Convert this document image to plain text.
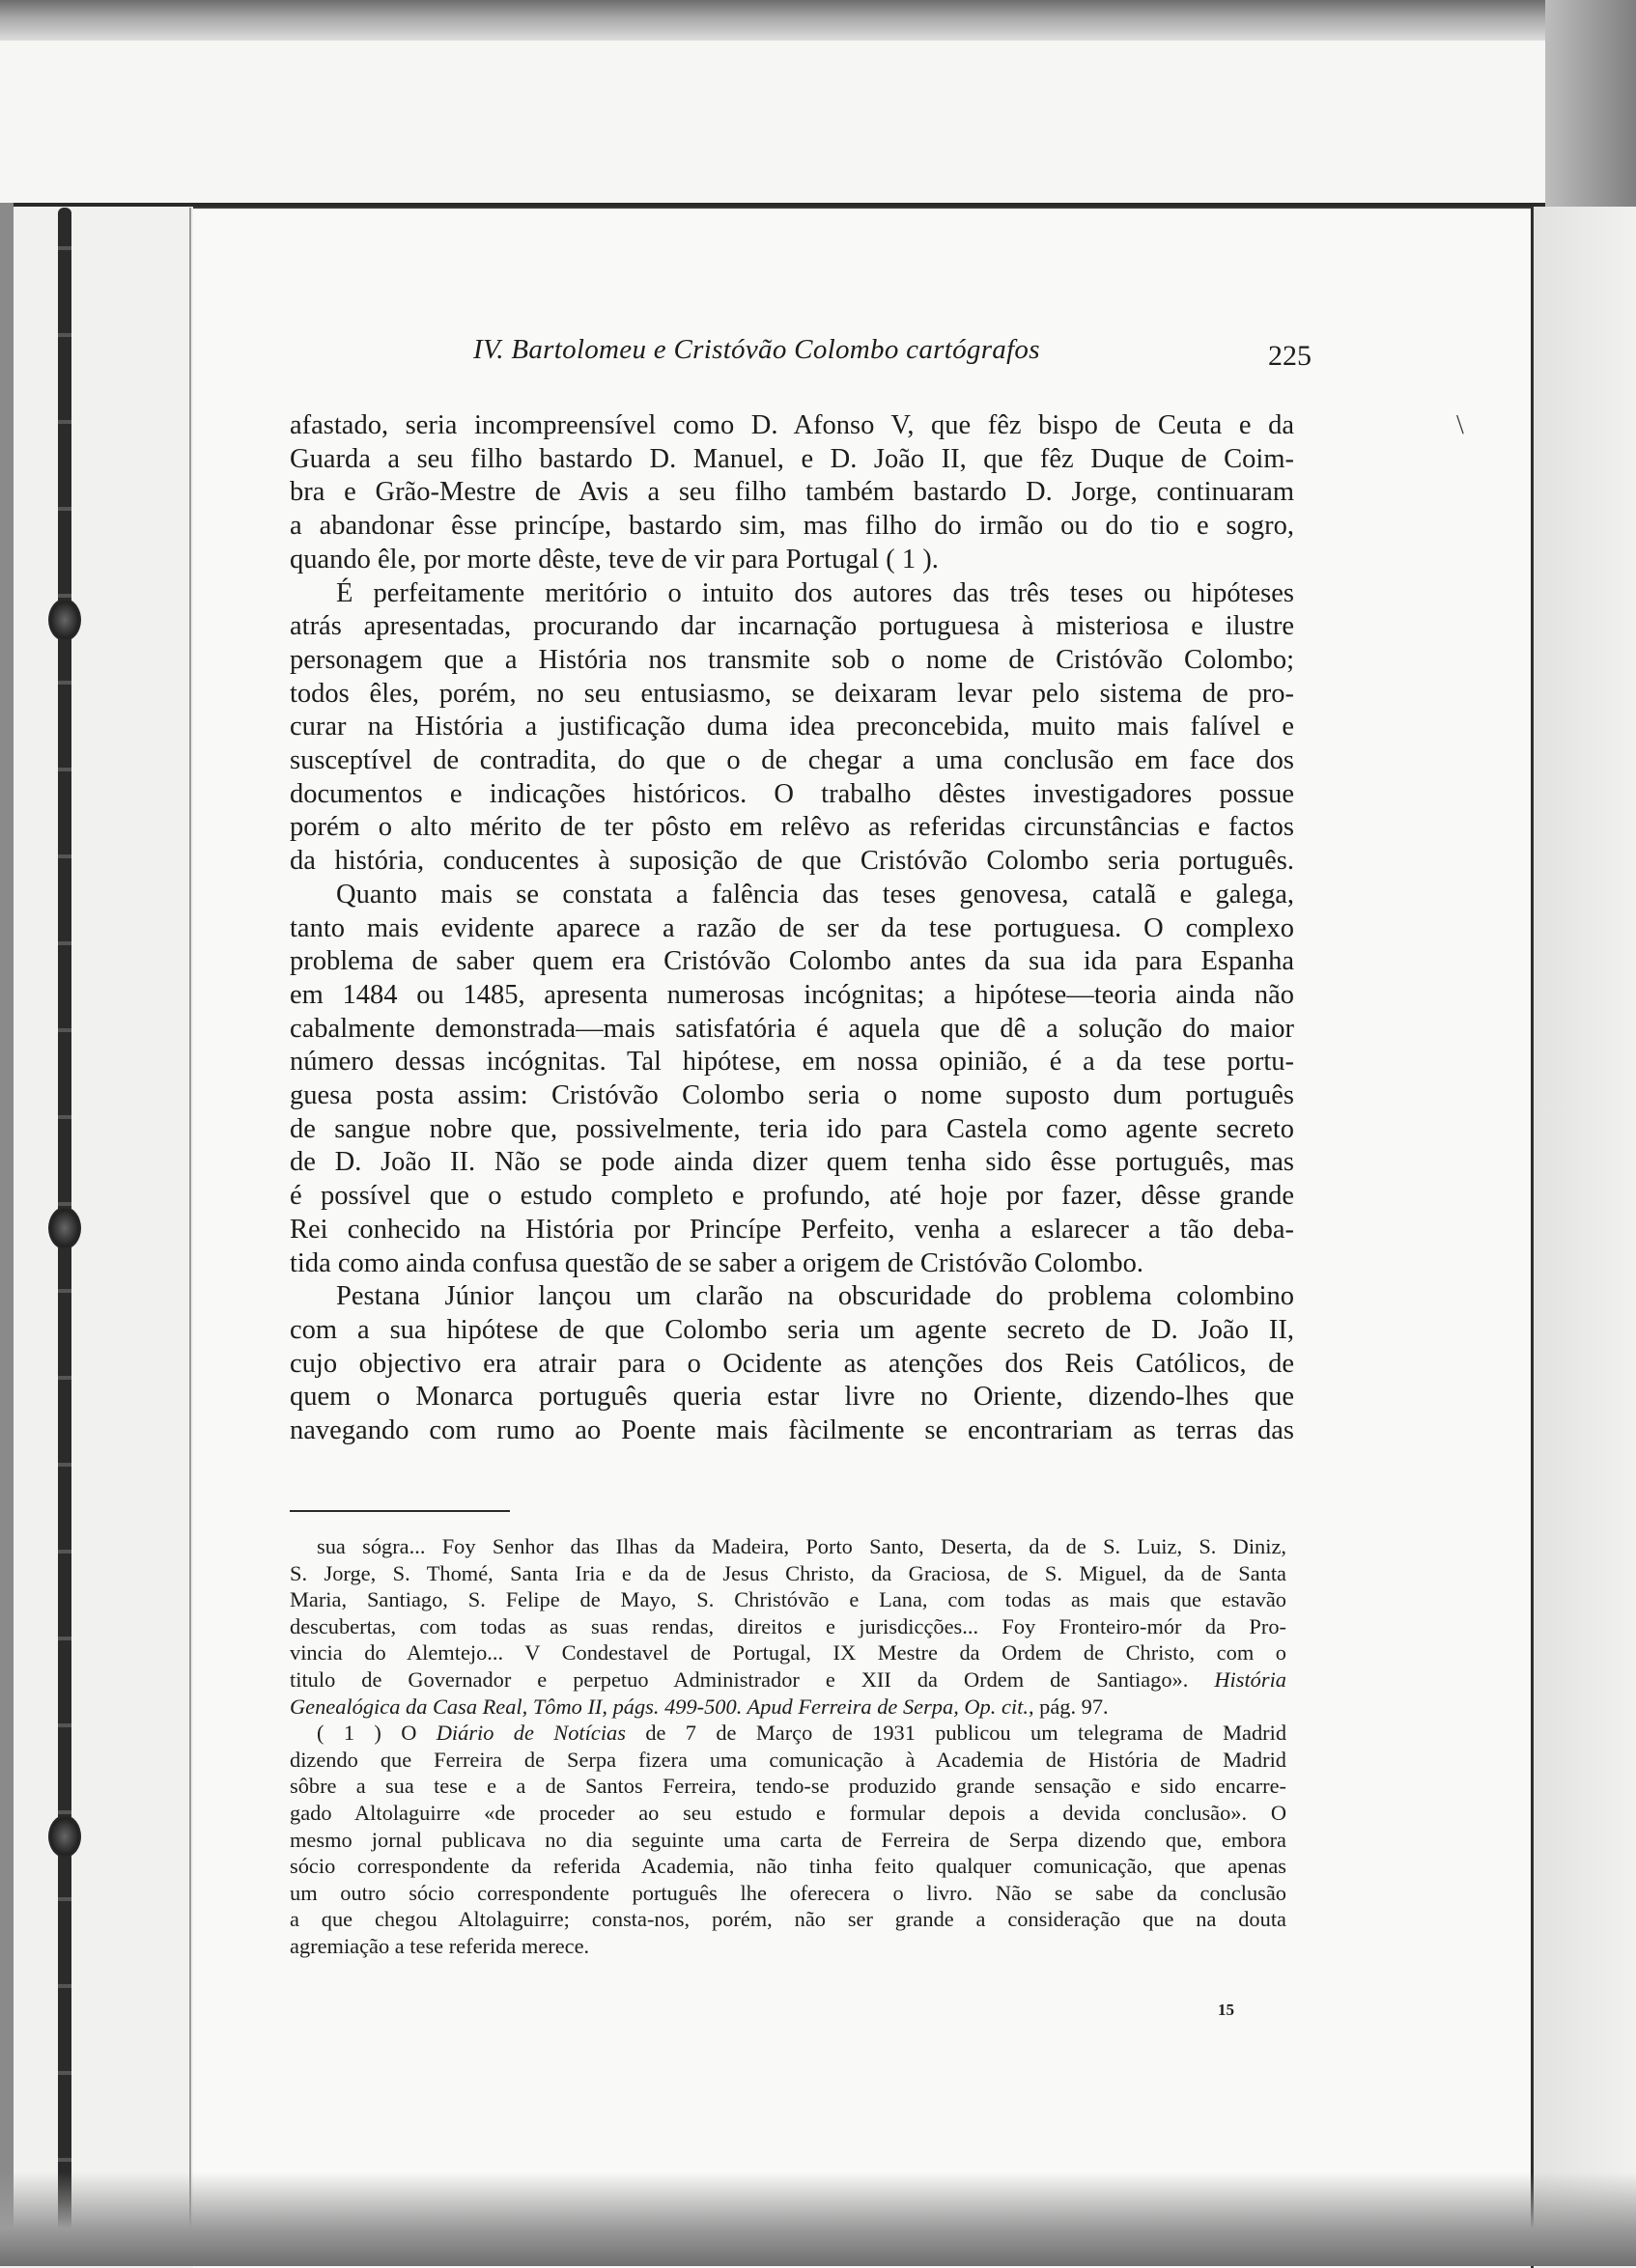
\
IV. Bartolomeu e Cristóvão Colombo cartógrafos	225

afastado, seria incompreensível como D. Afonso V, que fêz bispo de Ceuta e da

Guarda a seu filho bastardo D. Manuel, e D. João II, que fêz Duque de Coim-

bra e Grão-Mestre de Avis a seu filho também bastardo D. Jorge, continuaram

a abandonar êsse princípe, bastardo sim, mas filho do irmão ou do tio e sogro,

quando êle, por morte dêste, teve de vir para Portugal ( 1 ).

É perfeitamente meritório o intuito dos autores das três teses ou hipóteses

atrás apresentadas, procurando dar incarnação portuguesa à misteriosa e ilustre

personagem que a História nos transmite sob o nome de Cristóvão Colombo;

todos êles, porém, no seu entusiasmo, se deixaram levar pelo sistema de pro-

curar na História a justificação duma idea preconcebida, muito mais falível e

susceptível de contradita, do que o de chegar a uma conclusão em face dos

documentos e indicações históricos. O trabalho dêstes investigadores possue

porém o alto mérito de ter pôsto em relêvo as referidas circunstâncias e factos

da história, conducentes à suposição de que Cristóvão Colombo seria português.

Quanto mais se constata a falência das teses genovesa, catalã e galega,

tanto mais evidente aparece a razão de ser da tese portuguesa. O complexo

problema de saber quem era Cristóvão Colombo antes da sua ida para Espanha

em 1484 ou 1485, apresenta numerosas incógnitas; a hipótese—teoria ainda não

cabalmente demonstrada—mais satisfatória é aquela que dê a solução do maior

número dessas incógnitas. Tal hipótese, em nossa opinião, é a da tese portu-

guesa posta assim: Cristóvão Colombo seria o nome suposto dum português

de sangue nobre que, possivelmente, teria ido para Castela como agente secreto

de D. João II. Não se pode ainda dizer quem tenha sido êsse português, mas

é possível que o estudo completo e profundo, até hoje por fazer, dêsse grande

Rei conhecido na História por Princípe Perfeito, venha a eslarecer a tão deba-

tida como ainda confusa questão de se saber a origem de Cristóvão Colombo.

Pestana Júnior lançou um clarão na obscuridade do problema colombino

com a sua hipótese de que Colombo seria um agente secreto de D. João II,

cujo objectivo era atrair para o Ocidente as atenções dos Reis Católicos, de

quem o Monarca português queria estar livre no Oriente, dizendo-lhes que

navegando com rumo ao Poente mais fàcilmente se encontrariam as terras das

sua sógra... Foy Senhor das Ilhas da Madeira, Porto Santo, Deserta, da de S. Luiz, S. Diniz,

S. Jorge, S. Thomé, Santa Iria e da de Jesus Christo, da Graciosa, de S. Miguel, da de Santa

Maria, Santiago, S. Felipe de Mayo, S. Christóvão e Lana, com todas as mais que estavão

descubertas, com todas as suas rendas, direitos e jurisdicções... Foy Fronteiro-mór da Pro-

vincia do Alemtejo... V Condestavel de Portugal, IX Mestre da Ordem de Christo, com o

titulo de Governador e perpetuo Administrador e XII da Ordem de Santiago». História

Genealógica da Casa Real, Tômo II, págs. 499-500. Apud Ferreira de Serpa, Op. cit., pág. 97.

( 1 ) O Diário de Notícias de 7 de Março de 1931 publicou um telegrama de Madrid

dizendo que Ferreira de Serpa fizera uma comunicação à Academia de História de Madrid

sôbre a sua tese e a de Santos Ferreira, tendo-se produzido grande sensação e sido encarre-

gado Altolaguirre «de proceder ao seu estudo e formular depois a devida conclusão». O

mesmo jornal publicava no dia seguinte uma carta de Ferreira de Serpa dizendo que, embora

sócio correspondente da referida Academia, não tinha feito qualquer comunicação, que apenas

um outro sócio correspondente português lhe oferecera o livro. Não se sabe da conclusão

a que chegou Altolaguirre; consta-nos, porém, não ser grande a consideração que na douta

agremiação a tese referida merece.

15
